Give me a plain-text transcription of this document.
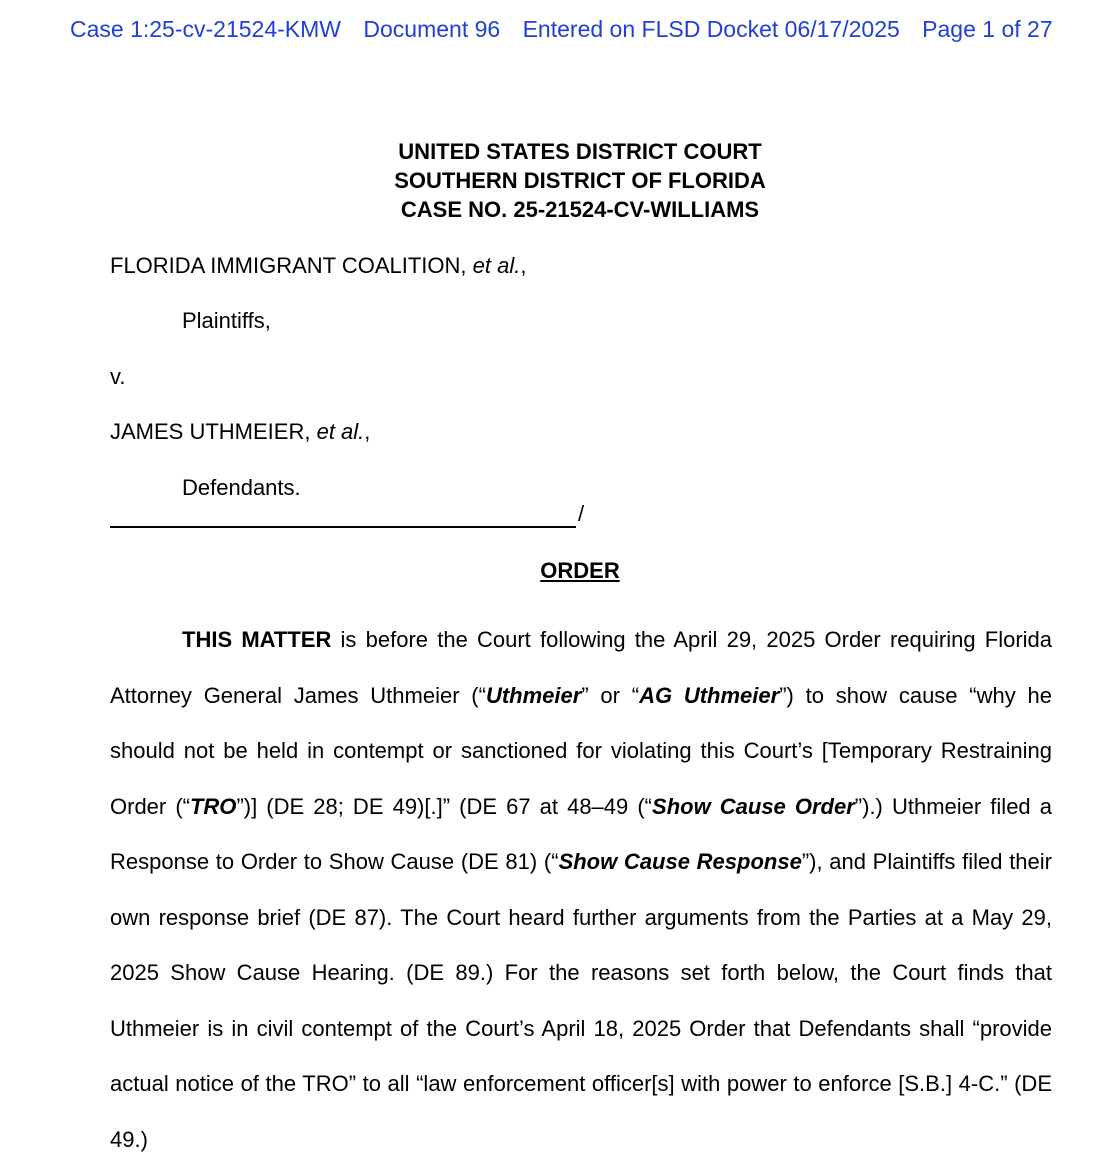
Case 1:25-cv-21524-KMW Document 96 Entered on FLSD Docket 06/17/2025 Page 1 of 27
UNITED STATES DISTRICT COURT
SOUTHERN DISTRICT OF FLORIDA
CASE NO. 25-21524-CV-WILLIAMS
FLORIDA IMMIGRANT COALITION, et al.,
Plaintiffs,
v.
JAMES UTHMEIER, et al.,
Defendants.
/
ORDER

THIS MATTER is before the Court following the April 29, 2025 Order requiring Florida Attorney General James Uthmeier (“Uthmeier” or “AG Uthmeier”) to show cause “why he should not be held in contempt or sanctioned for violating this Court’s [Temporary Restraining Order (“TRO”)] (DE 28; DE 49)[.]” (DE 67 at 48–49 (“Show Cause Order”).) Uthmeier filed a Response to Order to Show Cause (DE 81) (“Show Cause Response”), and Plaintiffs filed their own response brief (DE 87). The Court heard further arguments from the Parties at a May 29, 2025 Show Cause Hearing. (DE 89.) For the reasons set forth below, the Court finds that Uthmeier is in civil contempt of the Court’s April 18, 2025 Order that Defendants shall “provide actual notice of the TRO” to all “law enforcement officer[s] with power to enforce [S.B.] 4-C.” (DE 49.)
